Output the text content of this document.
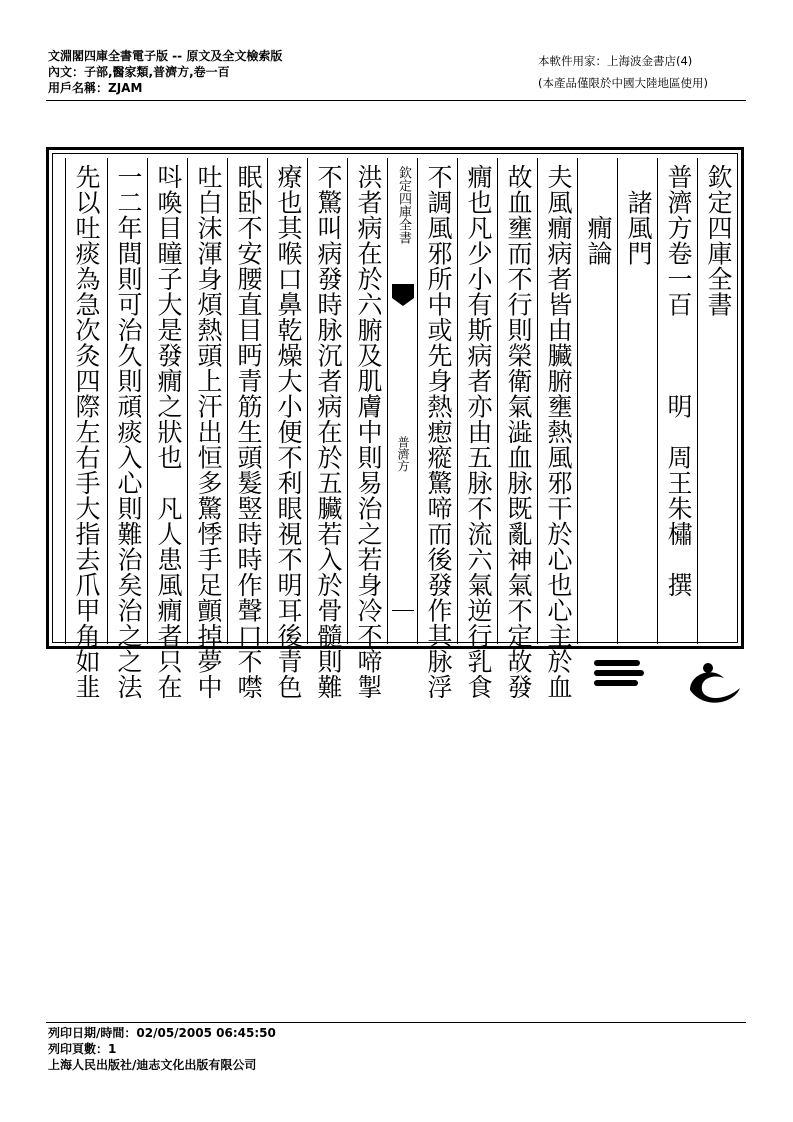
文淵閣四庫全書電子版 -- 原文及全文檢索版
內文：子部,醫家類,普濟方,卷一百
用戶名稱：ZJAM
本軟件用家：上海波金書店(4)
(本產品僅限於中國大陸地區使用)
欽定四庫全書
普濟方卷一百　　　明　周王朱橚　撰
　諸風門
　　癇論
夫風癇病者皆由臟腑壅熱風邪干於心也心主於血
故血壅而不行則榮衛氣澁血脉既亂神氣不定故發
癇也凡少小有斯病者亦由五脉不流六氣逆行乳食
不調風邪所中或先身熱瘛瘲驚啼而後發作其脉浮
欽定四庫全書
普濟方
洪者病在於六腑及肌膚中則易治之若身冷不啼掣
不驚叫病發時脉沉者病在於五臟若入於骨髓則難
療也其喉口鼻乾燥大小便不利眼視不明耳後青色
眠卧不安腰直目眄青筋生頭髮竪時時作聲口不噤
吐白沫渾身煩熱頭上汗出恒多驚悸手足顫掉夢中
呌喚目瞳子大是發癇之狀也　凡人患風癇者只在
一二年間則可治久則頑痰入心則難治矣治之之法
先以吐痰為急次灸四際左右手大指去爪甲角如韭
列印日期/時間：02/05/2005 06:45:50
列印頁數：1
上海人民出版社/迪志文化出版有限公司
